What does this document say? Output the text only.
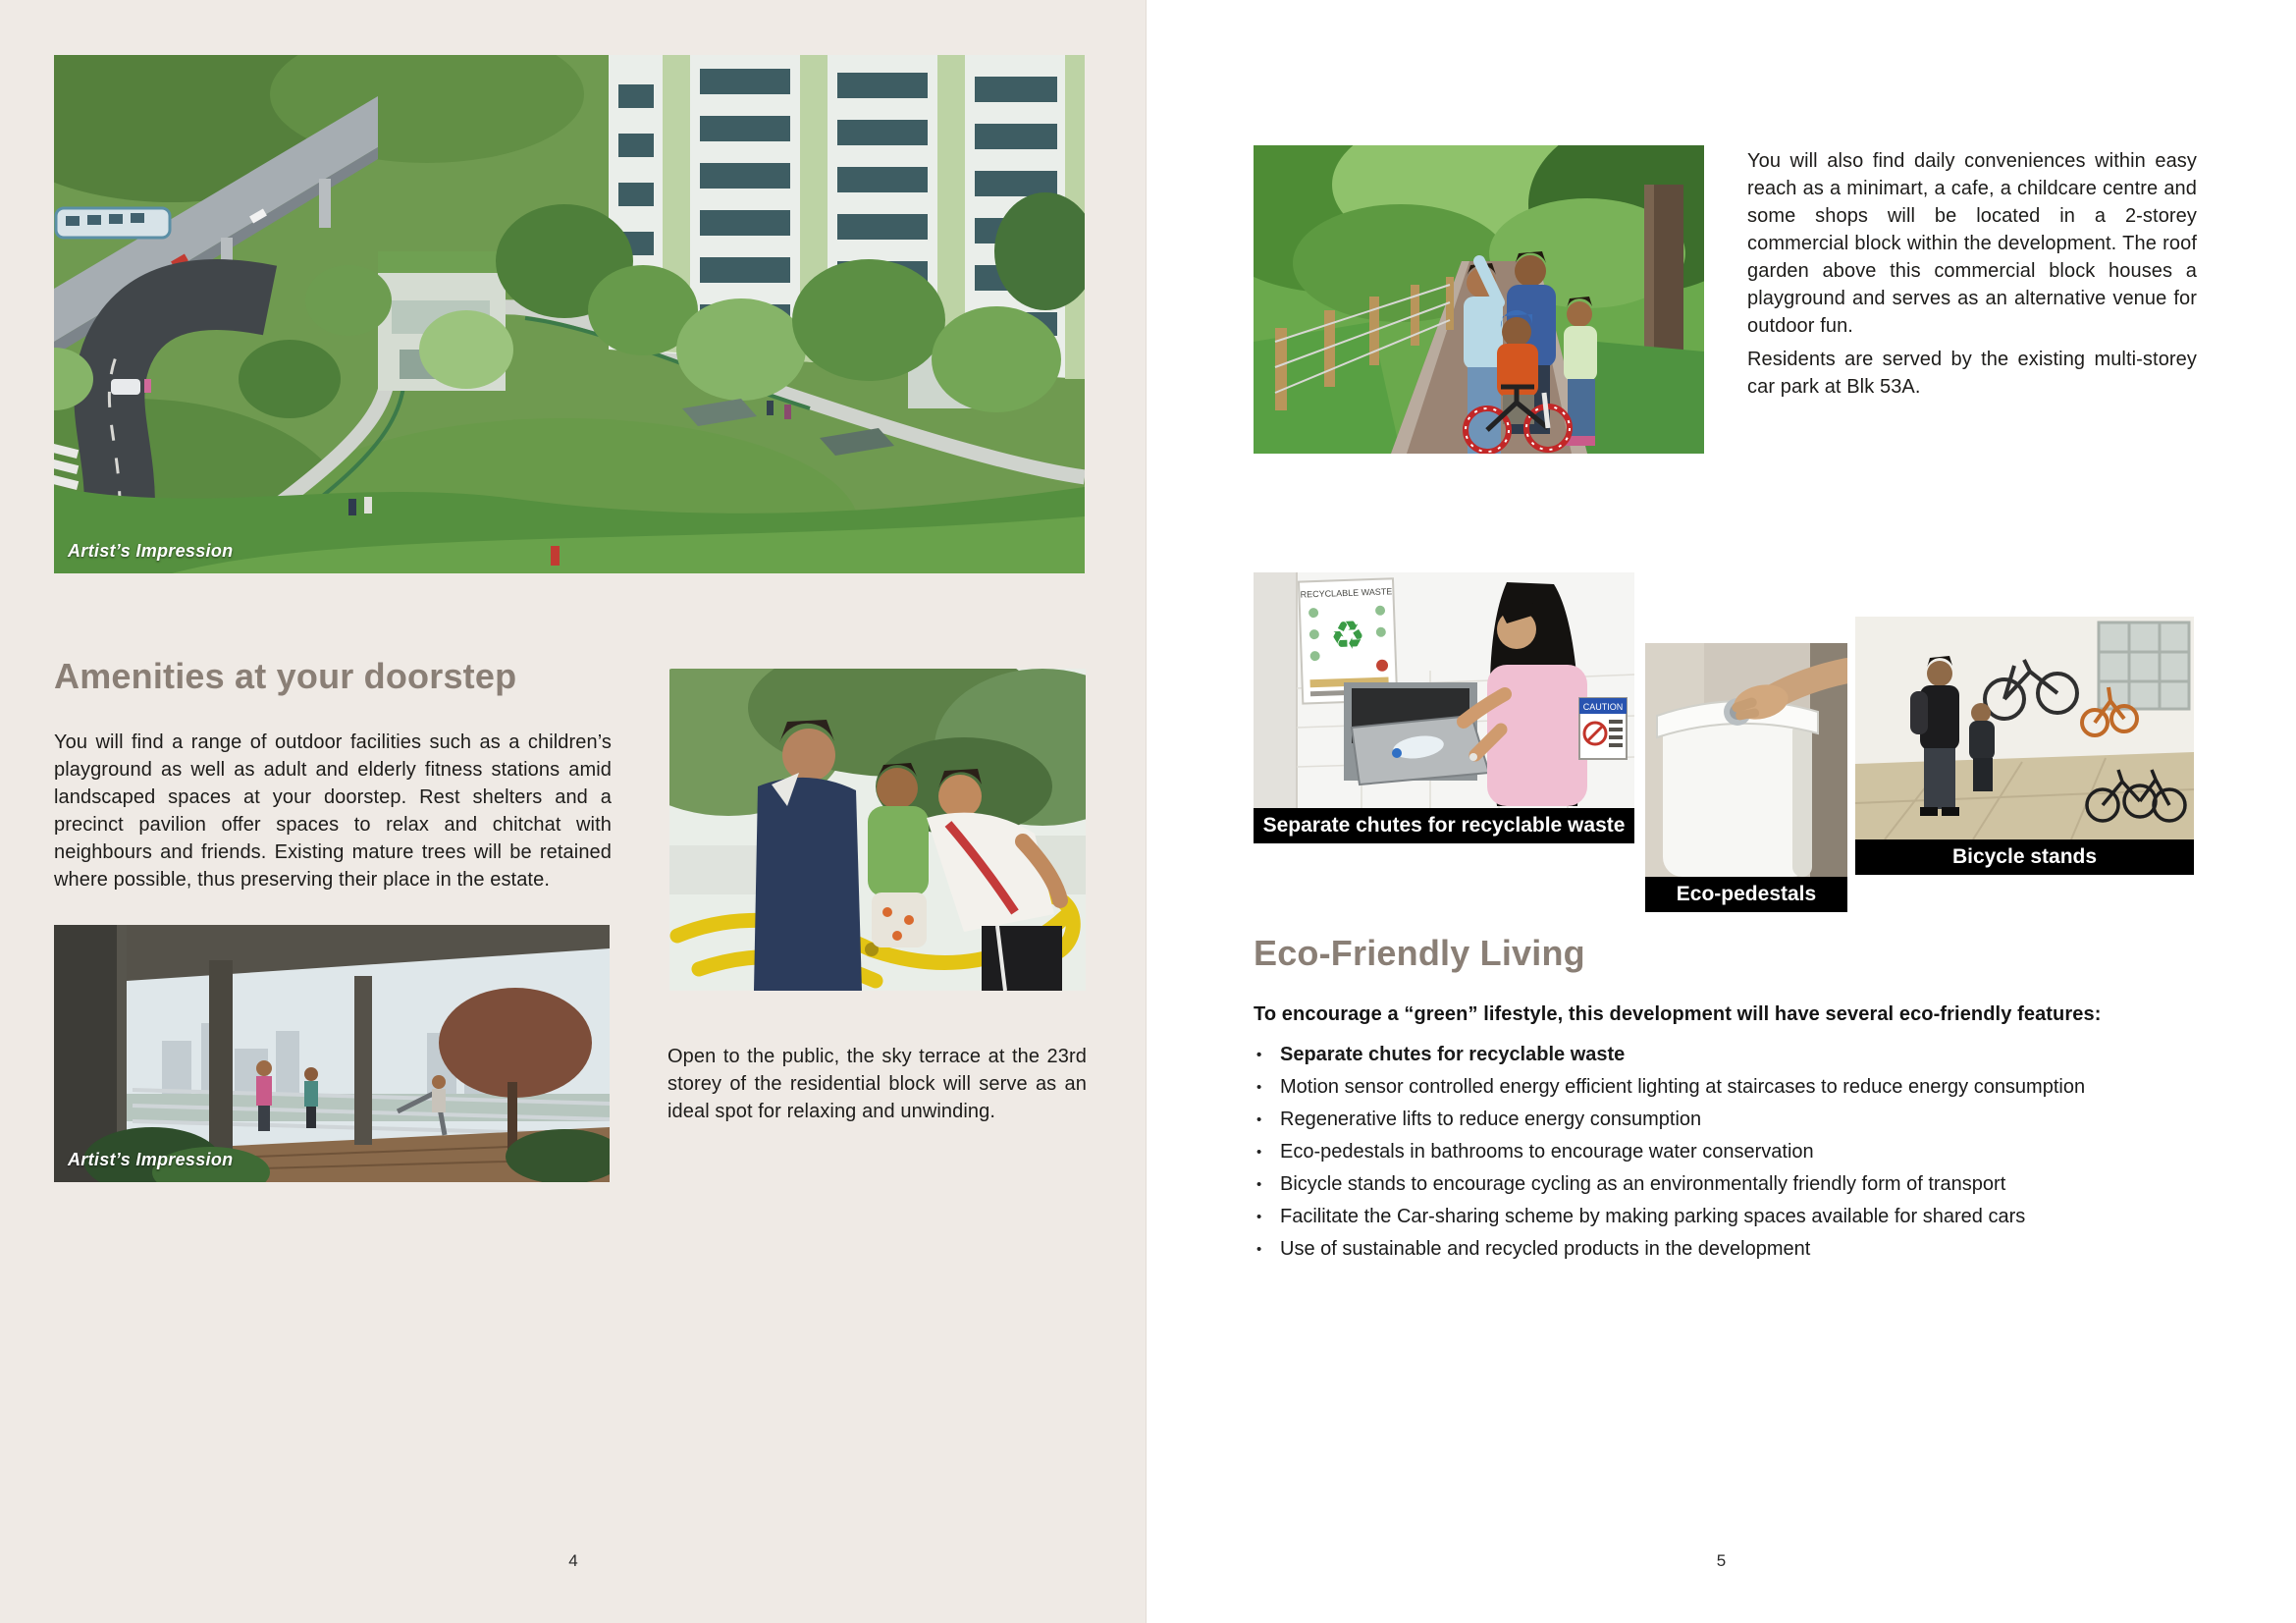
Artist’s Impression
Amenities at your doorstep

You will find a range of outdoor facilities such as a children’s playground as well as adult and elderly fitness stations amid landscaped spaces at your doorstep. Rest shelters and a precinct pavilion offer spaces to relax and chitchat with neighbours and friends. Existing mature trees will be retained where possible, thus preserving their place in the estate.

Artist’s Impression

Open to the public, the sky terrace at the 23rd storey of the residential block will serve as an ideal spot for relaxing and unwinding.

4

You will also find daily conveniences within easy reach as a minimart, a cafe, a childcare centre and some shops will be located in a 2-storey commercial block within the development. The roof garden above this commercial block houses a playground and serves as an alternative venue for outdoor fun.

Residents are served by the existing multi-storey car park at Blk 53A.

RECYCLABLE WASTE
♻
CAUTION
Separate chutes for recyclable waste
Eco-pedestals
Bicycle stands
Eco-Friendly Living

To encourage a “green” lifestyle, this development will have several eco-friendly features:

• Separate chutes for recyclable waste
• Motion sensor controlled energy efficient lighting at staircases to reduce energy consumption
• Regenerative lifts to reduce energy consumption
• Eco-pedestals in bathrooms to encourage water conservation
• Bicycle stands to encourage cycling as an environmentally friendly form of transport
• Facilitate the Car-sharing scheme by making parking spaces available for shared cars
• Use of sustainable and recycled products in the development
5
